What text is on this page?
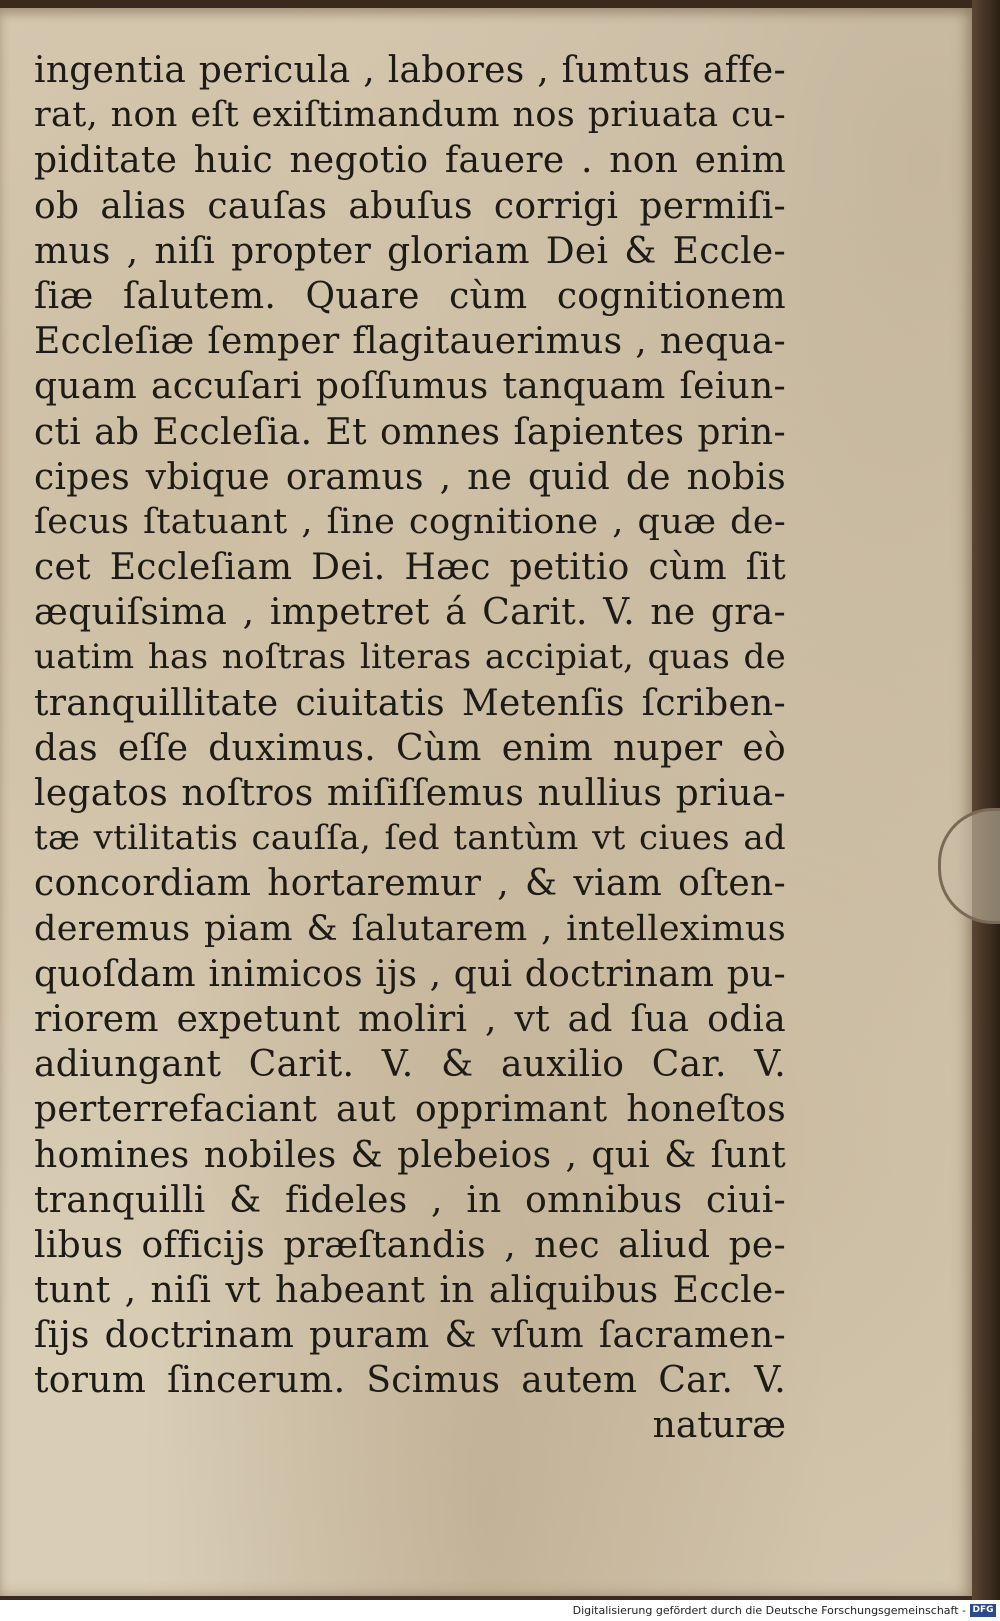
ingentia pericula , labores , ſumtus affe-
rat, non eſt exiſtimandum nos priuata cu-
piditate huic negotio fauere . non enim
ob alias cauſas abuſus corrigi permiſi-
mus , niſi propter gloriam Dei & Eccle-
ſiæ ſalutem. Quare cùm cognitionem
Eccleſiæ ſemper flagitauerimus , nequa-
quam accuſari poſſumus tanquam ſeiun-
cti ab Eccleſia. Et omnes ſapientes prin-
cipes vbique oramus , ne quid de nobis
ſecus ſtatuant , ſine cognitione , quæ de-
cet Eccleſiam Dei. Hæc petitio cùm ſit
æquiſsima , impetret á Carit. V. ne gra-
uatim has noſtras literas accipiat, quas de
tranquillitate ciuitatis Metenſis ſcriben-
das eſſe duximus. Cùm enim nuper eò
legatos noſtros miſiſſemus nullius priua-
tæ vtilitatis cauſſa, ſed tantùm vt ciues ad
concordiam hortaremur , & viam oſten-
deremus piam & ſalutarem , intelleximus
quoſdam inimicos ijs , qui doctrinam pu-
riorem expetunt moliri , vt ad ſua odia
adiungant Carit. V. & auxilio Car. V.
perterrefaciant aut opprimant honeſtos
homines nobiles & plebeios , qui & ſunt
tranquilli & fideles , in omnibus ciui-
libus officijs præſtandis , nec aliud pe-
tunt , niſi vt habeant in aliquibus Eccle-
ſijs doctrinam puram & vſum ſacramen-
torum ſincerum. Scimus autem Car. V.
naturæ
Digitalisierung gefördert durch die Deutsche Forschungsgemeinschaft - DFG
